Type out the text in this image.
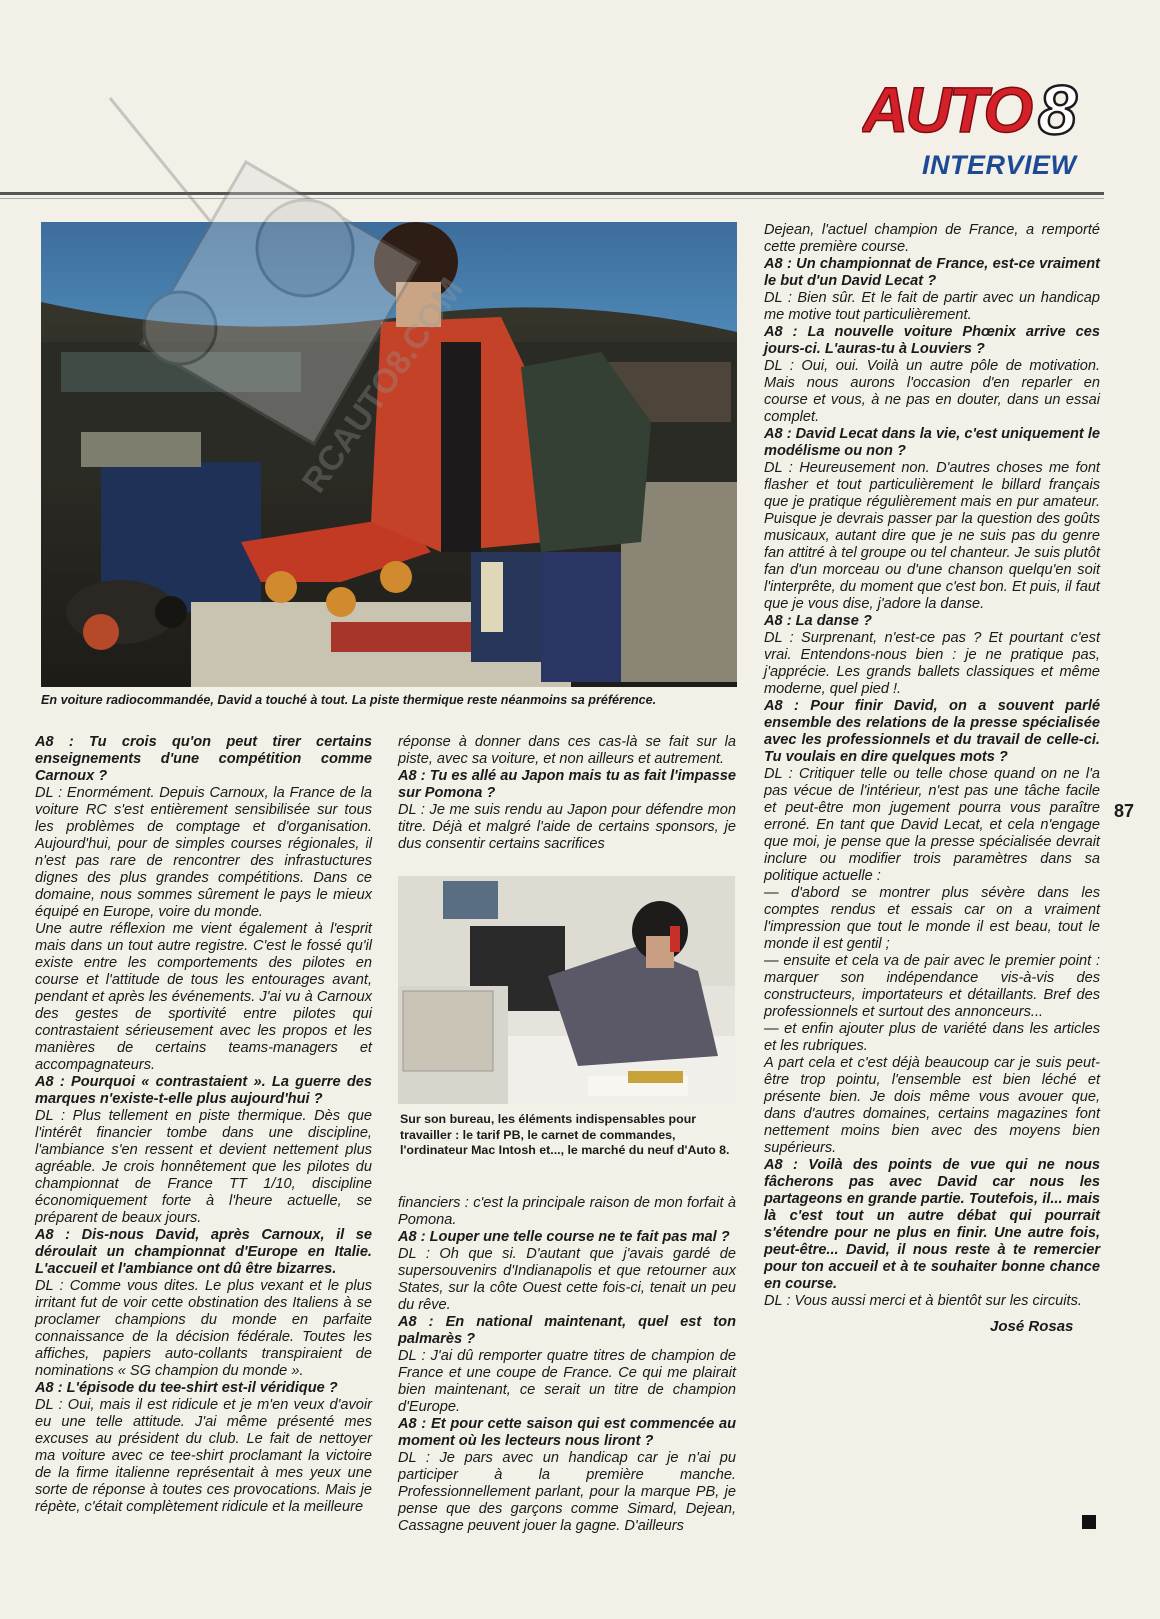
AUTO 8
INTERVIEW
En voiture radiocommandée, David a touché à tout. La piste thermique reste néanmoins sa préférence.
RCAUTO8.COM

A8 : Tu crois qu'on peut tirer certains enseignements d'une compétition comme Carnoux ?

DL : Enormément. Depuis Carnoux, la France de la voiture RC s'est entièrement sensibilisée sur tous les problèmes de comptage et d'organisation. Aujourd'hui, pour de simples courses régionales, il n'est pas rare de rencontrer des infrastuctures dignes des plus grandes compétitions. Dans ce domaine, nous sommes sûrement le pays le mieux équipé en Europe, voire du monde.

Une autre réflexion me vient également à l'esprit mais dans un tout autre registre. C'est le fossé qu'il existe entre les comportements des pilotes en course et l'attitude de tous les entourages avant, pendant et après les événements. J'ai vu à Carnoux des gestes de sportivité entre pilotes qui contrastaient sérieusement avec les propos et les manières de certains teams-managers et accompagnateurs.

A8 : Pourquoi « contrastaient ». La guerre des marques n'existe-t-elle plus aujourd'hui ?

DL : Plus tellement en piste thermique. Dès que l'intérêt financier tombe dans une discipline, l'ambiance s'en ressent et devient nettement plus agréable. Je crois honnêtement que les pilotes du championnat de France TT 1/10, discipline économiquement forte à l'heure actuelle, se préparent de beaux jours.

A8 : Dis-nous David, après Carnoux, il se déroulait un championnat d'Europe en Italie. L'accueil et l'ambiance ont dû être bizarres.

DL : Comme vous dites. Le plus vexant et le plus irritant fut de voir cette obstination des Italiens à se proclamer champions du monde en parfaite connaissance de la décision fédérale. Toutes les affiches, papiers auto-collants transpiraient de nominations « SG champion du monde ».

A8 : L'épisode du tee-shirt est-il véridique ?

DL : Oui, mais il est ridicule et je m'en veux d'avoir eu une telle attitude. J'ai même présenté mes excuses au président du club. Le fait de nettoyer ma voiture avec ce tee-shirt proclamant la victoire de la firme italienne représentait à mes yeux une sorte de réponse à toutes ces provocations. Mais je répète, c'était complètement ridicule et la meilleure

réponse à donner dans ces cas-là se fait sur la piste, avec sa voiture, et non ailleurs et autrement.

A8 : Tu es allé au Japon mais tu as fait l'impasse sur Pomona ?

DL : Je me suis rendu au Japon pour défendre mon titre. Déjà et malgré l'aide de certains sponsors, je dus consentir certains sacrifices

Sur son bureau, les éléments indispensables pour travailler : le tarif PB, le carnet de commandes, l'ordinateur Mac Intosh et..., le marché du neuf d'Auto 8.

financiers : c'est la principale raison de mon forfait à Pomona.

A8 : Louper une telle course ne te fait pas mal ?

DL : Oh que si. D'autant que j'avais gardé de supersouvenirs d'Indianapolis et que retourner aux States, sur la côte Ouest cette fois-ci, tenait un peu du rêve.

A8 : En national maintenant, quel est ton palmarès ?

DL : J'ai dû remporter quatre titres de champion de France et une coupe de France. Ce qui me plairait bien maintenant, ce serait un titre de champion d'Europe.

A8 : Et pour cette saison qui est commencée au moment où les lecteurs nous liront ?

DL : Je pars avec un handicap car je n'ai pu participer à la première manche. Professionnellement parlant, pour la marque PB, je pense que des garçons comme Simard, Dejean, Cassagne peuvent jouer la gagne. D'ailleurs

Dejean, l'actuel champion de France, a remporté cette première course.

A8 : Un championnat de France, est-ce vraiment le but d'un David Lecat ?

DL : Bien sûr. Et le fait de partir avec un handicap me motive tout particulièrement.

A8 : La nouvelle voiture Phœnix arrive ces jours-ci. L'auras-tu à Louviers ?

DL : Oui, oui. Voilà un autre pôle de motivation. Mais nous aurons l'occasion d'en reparler en course et vous, à ne pas en douter, dans un essai complet.

A8 : David Lecat dans la vie, c'est uniquement le modélisme ou non ?

DL : Heureusement non. D'autres choses me font flasher et tout particulièrement le billard français que je pratique régulièrement mais en pur amateur. Puisque je devrais passer par la question des goûts musicaux, autant dire que je ne suis pas du genre fan attitré à tel groupe ou tel chanteur. Je suis plutôt fan d'un morceau ou d'une chanson quelqu'en soit l'interprête, du moment que c'est bon. Et puis, il faut que je vous dise, j'adore la danse.

A8 : La danse ?

DL : Surprenant, n'est-ce pas ? Et pourtant c'est vrai. Entendons-nous bien : je ne pratique pas, j'apprécie. Les grands ballets classiques et même moderne, quel pied !.

A8 : Pour finir David, on a souvent parlé ensemble des relations de la presse spécialisée avec les professionnels et du travail de celle-ci. Tu voulais en dire quelques mots ?

DL : Critiquer telle ou telle chose quand on ne l'a pas vécue de l'intérieur, n'est pas une tâche facile et peut-être mon jugement pourra vous paraître erroné. En tant que David Lecat, et cela n'engage que moi, je pense que la presse spécialisée devrait inclure ou modifier trois paramètres dans sa politique actuelle :

— d'abord se montrer plus sévère dans les comptes rendus et essais car on a vraiment l'impression que tout le monde il est beau, tout le monde il est gentil ;

— ensuite et cela va de pair avec le premier point : marquer son indépendance vis-à-vis des constructeurs, importateurs et détaillants. Bref des professionnels et surtout des annonceurs...

— et enfin ajouter plus de variété dans les articles et les rubriques.

A part cela et c'est déjà beaucoup car je suis peut-être trop pointu, l'ensemble est bien léché et présente bien. Je dois même vous avouer que, dans d'autres domaines, certains magazines font nettement moins bien avec des moyens bien supérieurs.

A8 : Voilà des points de vue qui ne nous fâcherons pas avec David car nous les partageons en grande partie. Toutefois, il... mais là c'est tout un autre débat qui pourrait s'étendre pour ne plus en finir. Une autre fois, peut-être... David, il nous reste à te remercier pour ton accueil et à te souhaiter bonne chance en course.

DL : Vous aussi merci et à bientôt sur les circuits.

José Rosas
87
